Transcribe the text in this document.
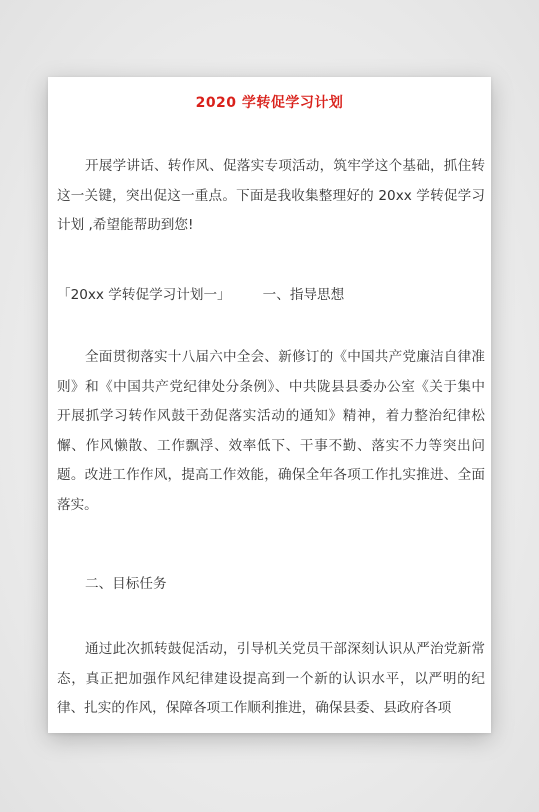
2020 学转促学习计划

开展学讲话、转作风、促落实专项活动，筑牢学这个基础，抓住转这一关键，突出促这一重点。下面是我收集整理好的 20xx 学转促学习计划 ,希望能帮助到您!

「20xx 学转促学习计划一」 一、指导思想

全面贯彻落实十八届六中全会、新修订的《中国共产党廉洁自律准则》和《中国共产党纪律处分条例》、中共陇县县委办公室《关于集中开展抓学习转作风鼓干劲促落实活动的通知》精神，着力整治纪律松懈、作风懒散、工作飘浮、效率低下、干事不勤、落实不力等突出问题。改进工作作风，提高工作效能，确保全年各项工作扎实推进、全面落实。

二、目标任务

通过此次抓转鼓促活动，引导机关党员干部深刻认识从严治党新常态，真正把加强作风纪律建设提高到一个新的认识水平，以严明的纪律、扎实的作风，保障各项工作顺利推进，确保县委、县政府各项
